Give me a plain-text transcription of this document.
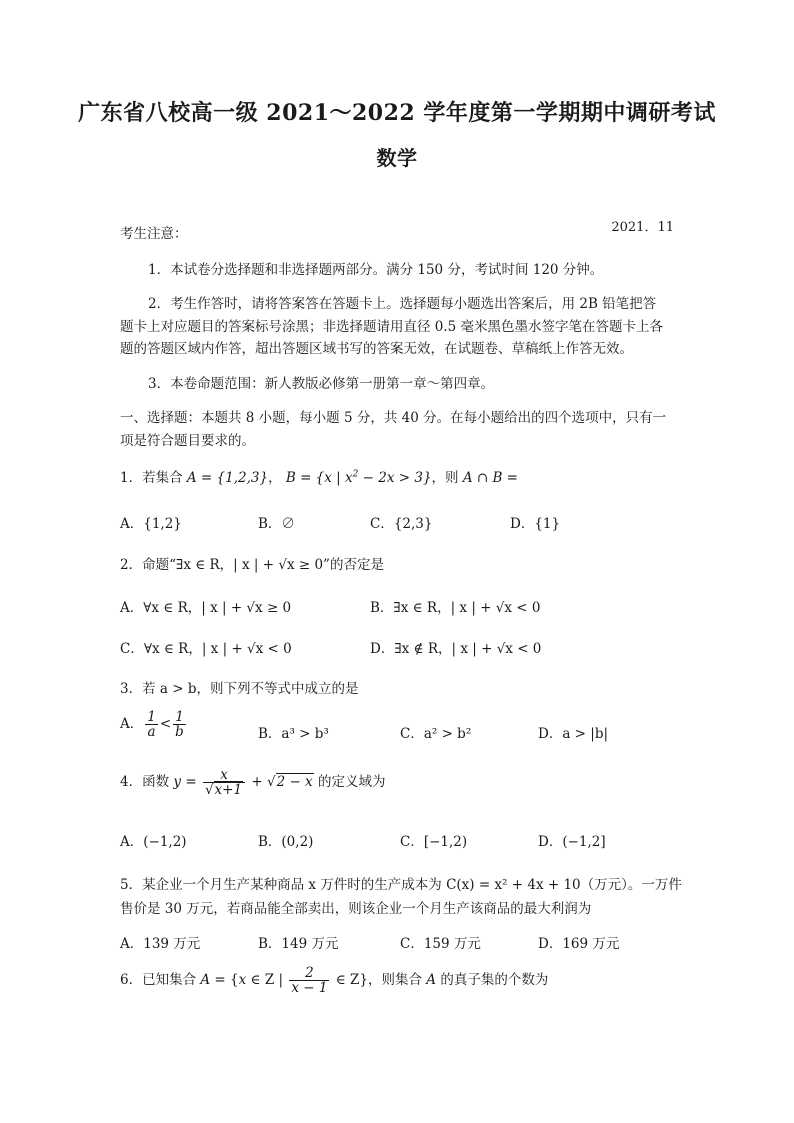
广东省八校高一级 2021～2022 学年度第一学期期中调研考试
数学
2021．11
考生注意：
1．本试卷分选择题和非选择题两部分。满分 150 分，考试时间 120 分钟。
2．考生作答时，请将答案答在答题卡上。选择题每小题选出答案后，用 2B 铅笔把答
题卡上对应题目的答案标号涂黑；非选择题请用直径 0.5 毫米黑色墨水签字笔在答题卡上各
题的答题区域内作答，超出答题区域书写的答案无效，在试题卷、草稿纸上作答无效。
3．本卷命题范围：新人教版必修第一册第一章～第四章。
一、选择题：本题共 8 小题，每小题 5 分，共 40 分。在每小题给出的四个选项中，只有一
项是符合题目要求的。
1．若集合 A = {1,2,3}， B = {x | $x^2 - 2x > 3$}，则 A ∩ B =
A．{1,2}	B．∅	C．{2,3}	D．{1}
2．命题“∃x ∈ R，| x | + √x ≥ 0”的否定是
A．∀x ∈ R，| x | + √x ≥ 0	B．∃x ∈ R，| x | + √x < 0
C．∀x ∈ R，| x | + √x < 0	D．∃x ∉ R，| x | + √x < 0
3．若 a > b，则下列不等式中成立的是
A． $\frac{1}{a} < \frac{1}{b}$	B．a³ > b³	C．a² > b²	D．a > |b|
4．函数 $y = \frac{x}{√x+1} + √2 - x$ 的定义域为
A．(−1,2)	B．(0,2)	C．[−1,2)	D．(−1,2]
5．某企业一个月生产某种商品 x 万件时的生产成本为 C(x) = x² + 4x + 10（万元）。一万件
售价是 30 万元，若商品能全部卖出，则该企业一个月生产该商品的最大利润为
A．139 万元	B．149 万元	C．159 万元	D．169 万元
6．已知集合 A = {x ∈ Z | $\frac{2}{x - 1}$ ∈ Z}，则集合 A 的真子集的个数为
